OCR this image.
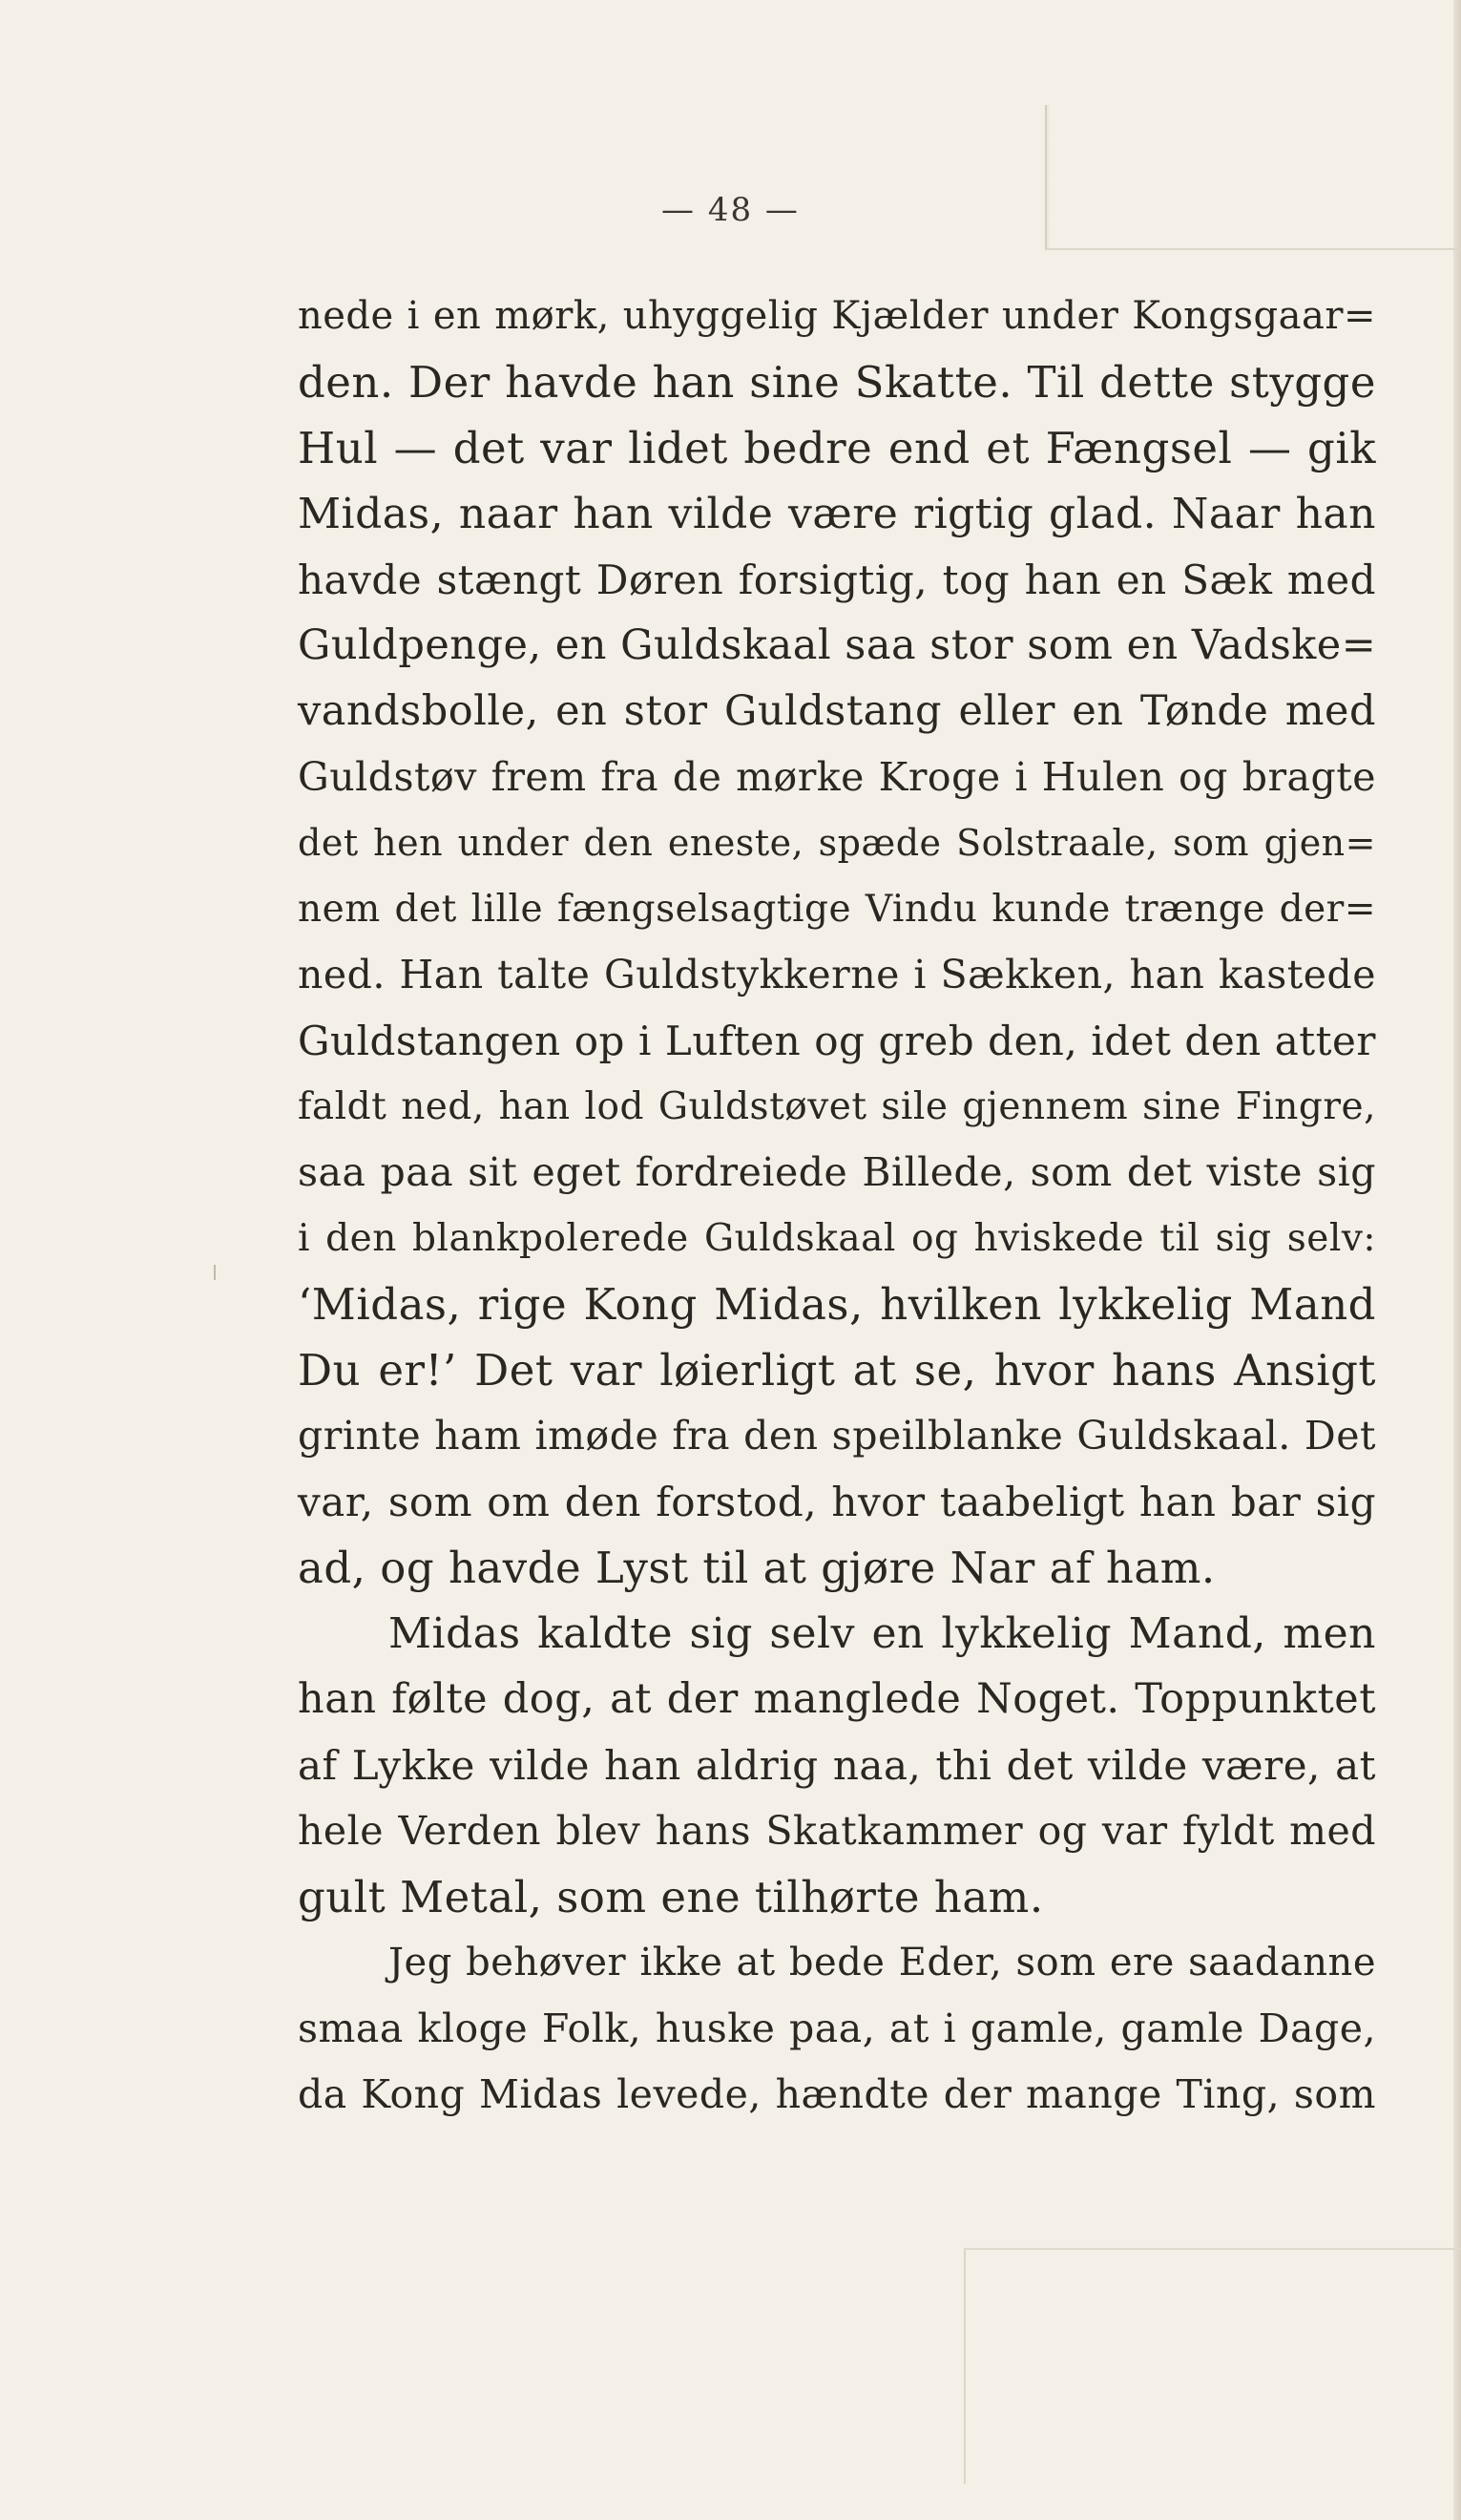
— 48 —
nede i en mørk, uhyggelig Kjælder under Kongsgaar=
den. Der havde han sine Skatte. Til dette stygge
Hul — det var lidet bedre end et Fængsel — gik
Midas, naar han vilde være rigtig glad. Naar han
havde stængt Døren forsigtig, tog han en Sæk med
Guldpenge, en Guldskaal saa stor som en Vadske=
vandsbolle, en stor Guldstang eller en Tønde med
Guldstøv frem fra de mørke Kroge i Hulen og bragte
det hen under den eneste, spæde Solstraale, som gjen=
nem det lille fængselsagtige Vindu kunde trænge der=
ned. Han talte Guldstykkerne i Sækken, han kastede
Guldstangen op i Luften og greb den, idet den atter
faldt ned, han lod Guldstøvet sile gjennem sine Fingre,
saa paa sit eget fordreiede Billede, som det viste sig
i den blankpolerede Guldskaal og hviskede til sig selv:
‘Midas, rige Kong Midas, hvilken lykkelig Mand
Du er!’ Det var løierligt at se, hvor hans Ansigt
grinte ham imøde fra den speilblanke Guldskaal. Det
var, som om den forstod, hvor taabeligt han bar sig
ad, og havde Lyst til at gjøre Nar af ham.
Midas kaldte sig selv en lykkelig Mand, men
han følte dog, at der manglede Noget. Toppunktet
af Lykke vilde han aldrig naa, thi det vilde være, at
hele Verden blev hans Skatkammer og var fyldt med
gult Metal, som ene tilhørte ham.
Jeg behøver ikke at bede Eder, som ere saadanne
smaa kloge Folk, huske paa, at i gamle, gamle Dage,
da Kong Midas levede, hændte der mange Ting, som
